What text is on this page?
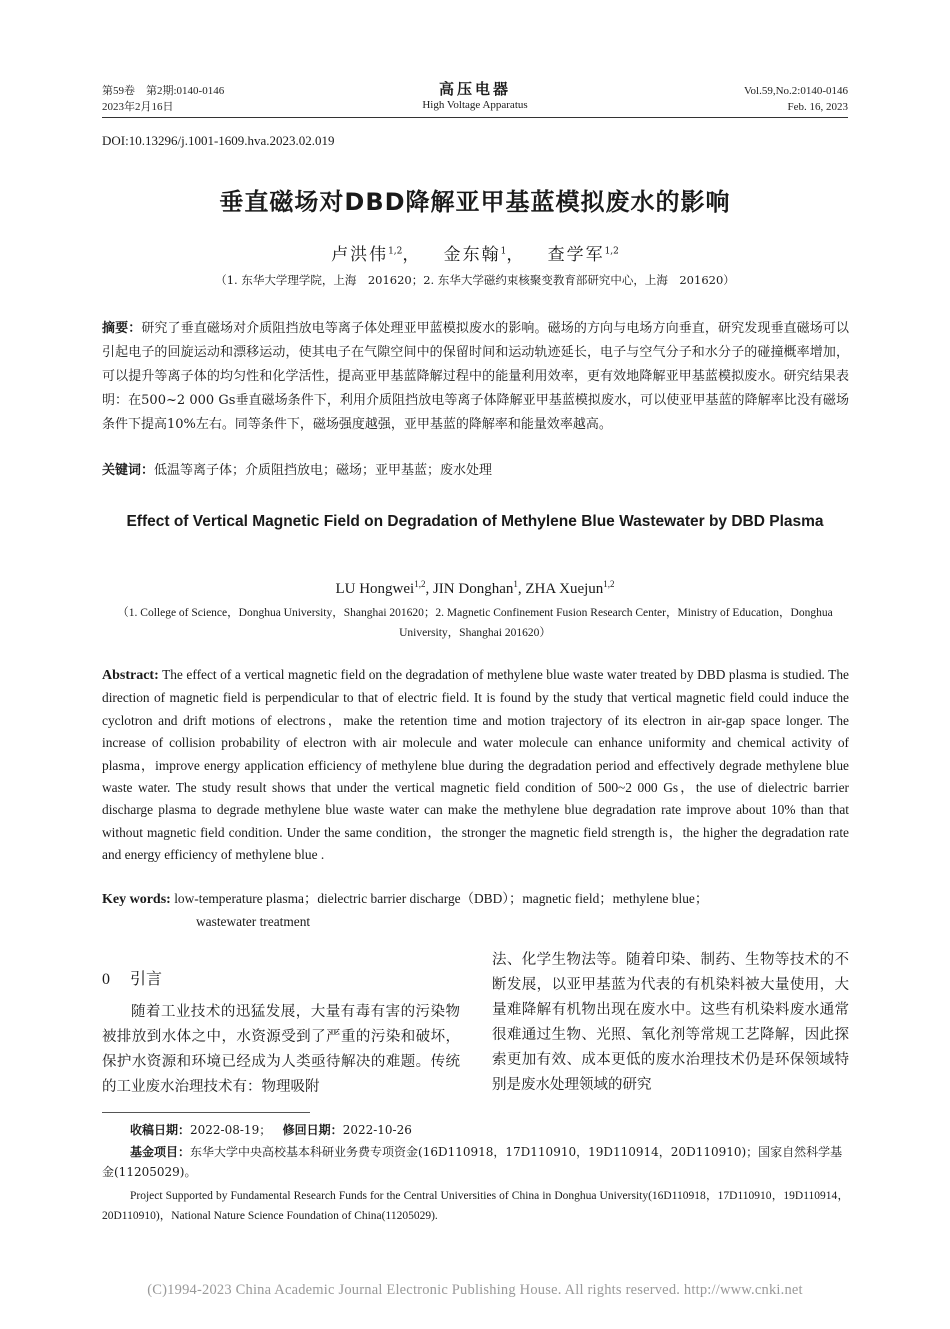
第59卷　第2期:0140-0146
2023年2月16日
高压电器
High Voltage Apparatus
Vol.59,No.2:0140-0146
Feb. 16, 2023
DOI:10.13296/j.1001-1609.hva.2023.02.019
垂直磁场对DBD降解亚甲基蓝模拟废水的影响
卢洪伟$^{1,2}$， 金东翰$^1$， 查学军$^{1,2}$
（1. 东华大学理学院，上海　201620；2. 东华大学磁约束核聚变教育部研究中心，上海　201620）
摘要：研究了垂直磁场对介质阻挡放电等离子体处理亚甲蓝模拟废水的影响。磁场的方向与电场方向垂直，研究发现垂直磁场可以引起电子的回旋运动和漂移运动，使其电子在气隙空间中的保留时间和运动轨迹延长，电子与空气分子和水分子的碰撞概率增加，可以提升等离子体的均匀性和化学活性，提高亚甲基蓝降解过程中的能量利用效率，更有效地降解亚甲基蓝模拟废水。研究结果表明：在500~2 000 Gs垂直磁场条件下，利用介质阻挡放电等离子体降解亚甲基蓝模拟废水，可以使亚甲基蓝的降解率比没有磁场条件下提高10%左右。同等条件下，磁场强度越强，亚甲基蓝的降解率和能量效率越高。
关键词：低温等离子体；介质阻挡放电；磁场；亚甲基蓝；废水处理
Effect of Vertical Magnetic Field on Degradation of Methylene Blue Wastewater by DBD Plasma
LU Hongwei$^{1,2}$, JIN Donghan$^1$, ZHA Xuejun$^{1,2}$
（1. College of Science，Donghua University，Shanghai 201620；2. Magnetic Confinement Fusion Research Center，Ministry of Education，Donghua University，Shanghai 201620）
Abstract: The effect of a vertical magnetic field on the degradation of methylene blue waste water treated by DBD plasma is studied. The direction of magnetic field is perpendicular to that of electric field. It is found by the study that vertical magnetic field could induce the cyclotron and drift motions of electrons，make the retention time and motion trajectory of its electron in air-gap space longer. The increase of collision probability of electron with air molecule and water molecule can enhance uniformity and chemical activity of plasma，improve energy application efficiency of methylene blue during the degradation period and effectively degrade methylene blue waste water. The study result shows that under the vertical magnetic field condition of 500~2 000 Gs，the use of dielectric barrier discharge plasma to degrade methylene blue waste water can make the methylene blue degradation rate improve about 10% than that without magnetic field condition. Under the same condition，the stronger the magnetic field strength is，the higher the degradation rate and energy efficiency of methylene blue .
Key words: low-temperature plasma；dielectric barrier discharge（DBD）；magnetic field；methylene blue；
wastewater treatment
0 引言
随着工业技术的迅猛发展，大量有毒有害的污染物被排放到水体之中，水资源受到了严重的污染和破坏，保护水资源和环境已经成为人类亟待解决的难题。传统的工业废水治理技术有：物理吸附
法、化学生物法等。随着印染、制药、生物等技术的不断发展，以亚甲基蓝为代表的有机染料被大量使用，大量难降解有机物出现在废水中。这些有机染料废水通常很难通过生物、光照、氧化剂等常规工艺降解，因此探索更加有效、成本更低的废水治理技术仍是环保领域特别是废水处理领域的研究
收稿日期：2022-08-19； 修回日期：2022-10-26
基金项目：东华大学中央高校基本科研业务费专项资金(16D110918，17D110910，19D110914，20D110910)；国家自然科学基金(11205029)。
Project Supported by Fundamental Research Funds for the Central Universities of China in Donghua University(16D110918，17D110910，19D110914，20D110910)，National Nature Science Foundation of China(11205029).
(C)1994-2023 China Academic Journal Electronic Publishing House. All rights reserved. http://www.cnki.net
